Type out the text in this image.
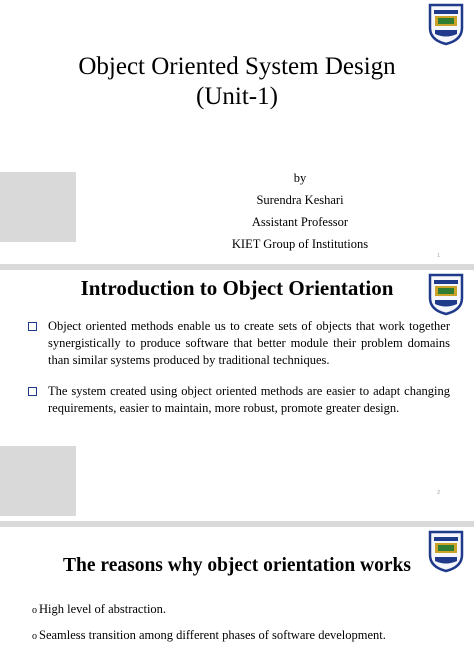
Object Oriented System Design
(Unit-1)
by
Surendra Keshari
Assistant Professor
KIET Group of Institutions
1
Introduction to Object Orientation
Object oriented methods enable us to create sets of objects that work together synergistically to produce software that better module their problem domains than similar systems produced by traditional techniques.
The system created using object oriented methods are easier to adapt changing requirements, easier to maintain, more robust, promote greater design.
2
The reasons why object orientation works
o High level of abstraction.
o Seamless transition among different phases of software development.
